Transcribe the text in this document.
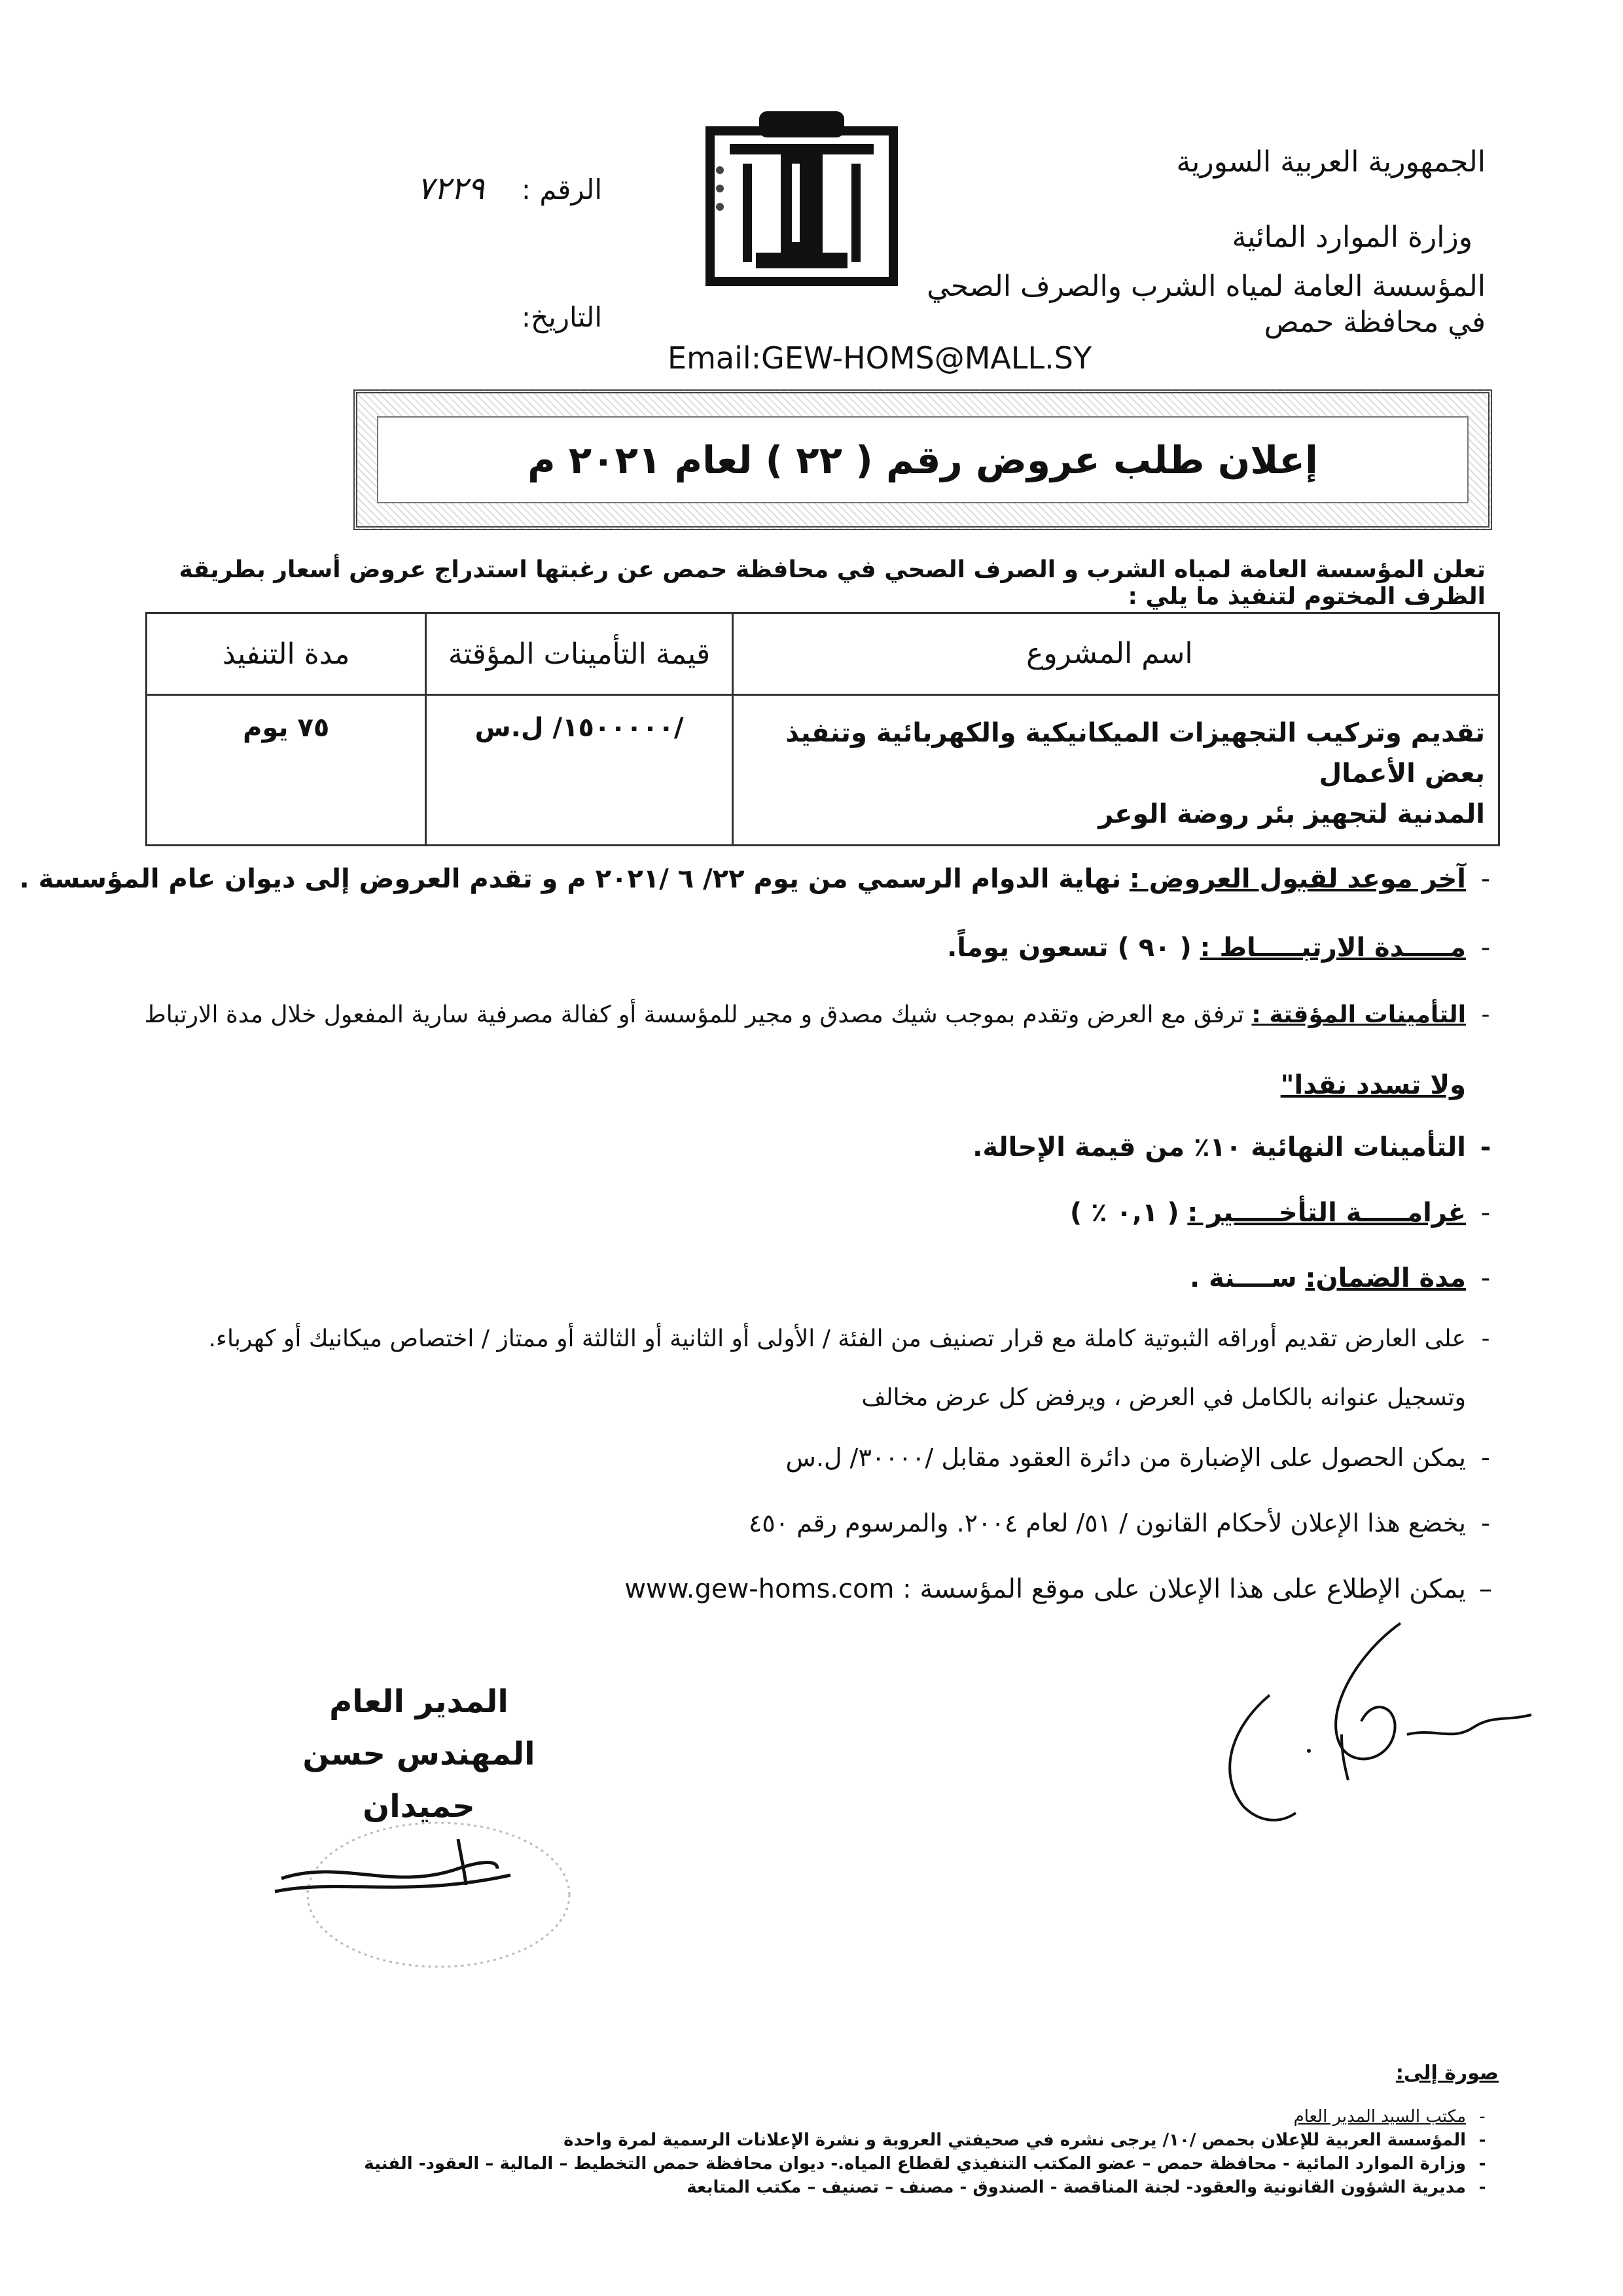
الجمهورية العربية السورية
وزارة الموارد المائية
المؤسسة العامة لمياه الشرب والصرف الصحي
في محافظة حمص
الرقم :  ٧٢٢٩
التاريخ:
Email:GEW-HOMS@MALL.SY
إعلان طلب عروض رقم ( ٢٢ ) لعام ٢٠٢١ م
تعلن المؤسسة العامة لمياه الشرب و الصرف الصحي في محافظة حمص عن رغبتها استدراج عروض أسعار بطريقة الظرف المختوم لتنفيذ ما يلي :
اسم المشروع	قيمة التأمينات المؤقتة	مدة التنفيذ

تقديم وتركيب التجهيزات الميكانيكية والكهربائية وتنفيذ بعض الأعمال
المدنية لتجهيز بئر روضة الوعر	/١٥٠٠٠٠٠/ ل.س	٧٥ يوم
-آخر موعد لقبول العروض : نهاية الدوام الرسمي من يوم ٢٢/ ٦ /٢٠٢١ م و تقدم العروض إلى ديوان عام المؤسسة .
-مـــــدة الارتبـــــاط : ( ٩٠ ) تسعون يوماً.
-التأمينات المؤقتة : ترفق مع العرض وتقدم بموجب شيك مصدق و مجير للمؤسسة أو كفالة مصرفية سارية المفعول خلال مدة الارتباط
ولا تسدد نقدا"
-التأمينات النهائية ١٠٪ من قيمة الإحالة.
-غرامـــــة التأخـــــير : ( ٠,١ ٪ )
-مدة الضمان: ســــنة .
-على العارض تقديم أوراقه الثبوتية كاملة مع قرار تصنيف من الفئة / الأولى أو الثانية أو الثالثة أو ممتاز / اختصاص ميكانيك أو كهرباء.
وتسجيل عنوانه بالكامل في العرض ، ويرفض كل عرض مخالف
-يمكن الحصول على الإضبارة من دائرة العقود مقابل /٣٠٠٠٠/ ل.س
-يخضع هذا الإعلان لأحكام القانون / ٥١/ لعام ٢٠٠٤. والمرسوم رقم ٤٥٠
–يمكن الإطلاع على هذا الإعلان على موقع المؤسسة : www.gew-homs.com
المدير العام
المهندس حسن حميدان
صورة إلى:
- مكتب السيد المدير العام
- المؤسسة العربية للإعلان بحمص /١٠/ يرجى نشره في صحيفتي العروبة و نشرة الإعلانات الرسمية لمرة واحدة
- وزارة الموارد المائية - محافظة حمص – عضو المكتب التنفيذي لقطاع المياه.- ديوان محافظة حمص التخطيط – المالية – العقود- الفنية
- مديرية الشؤون القانونية والعقود- لجنة المناقصة - الصندوق - مصنف – تصنيف – مكتب المتابعة
